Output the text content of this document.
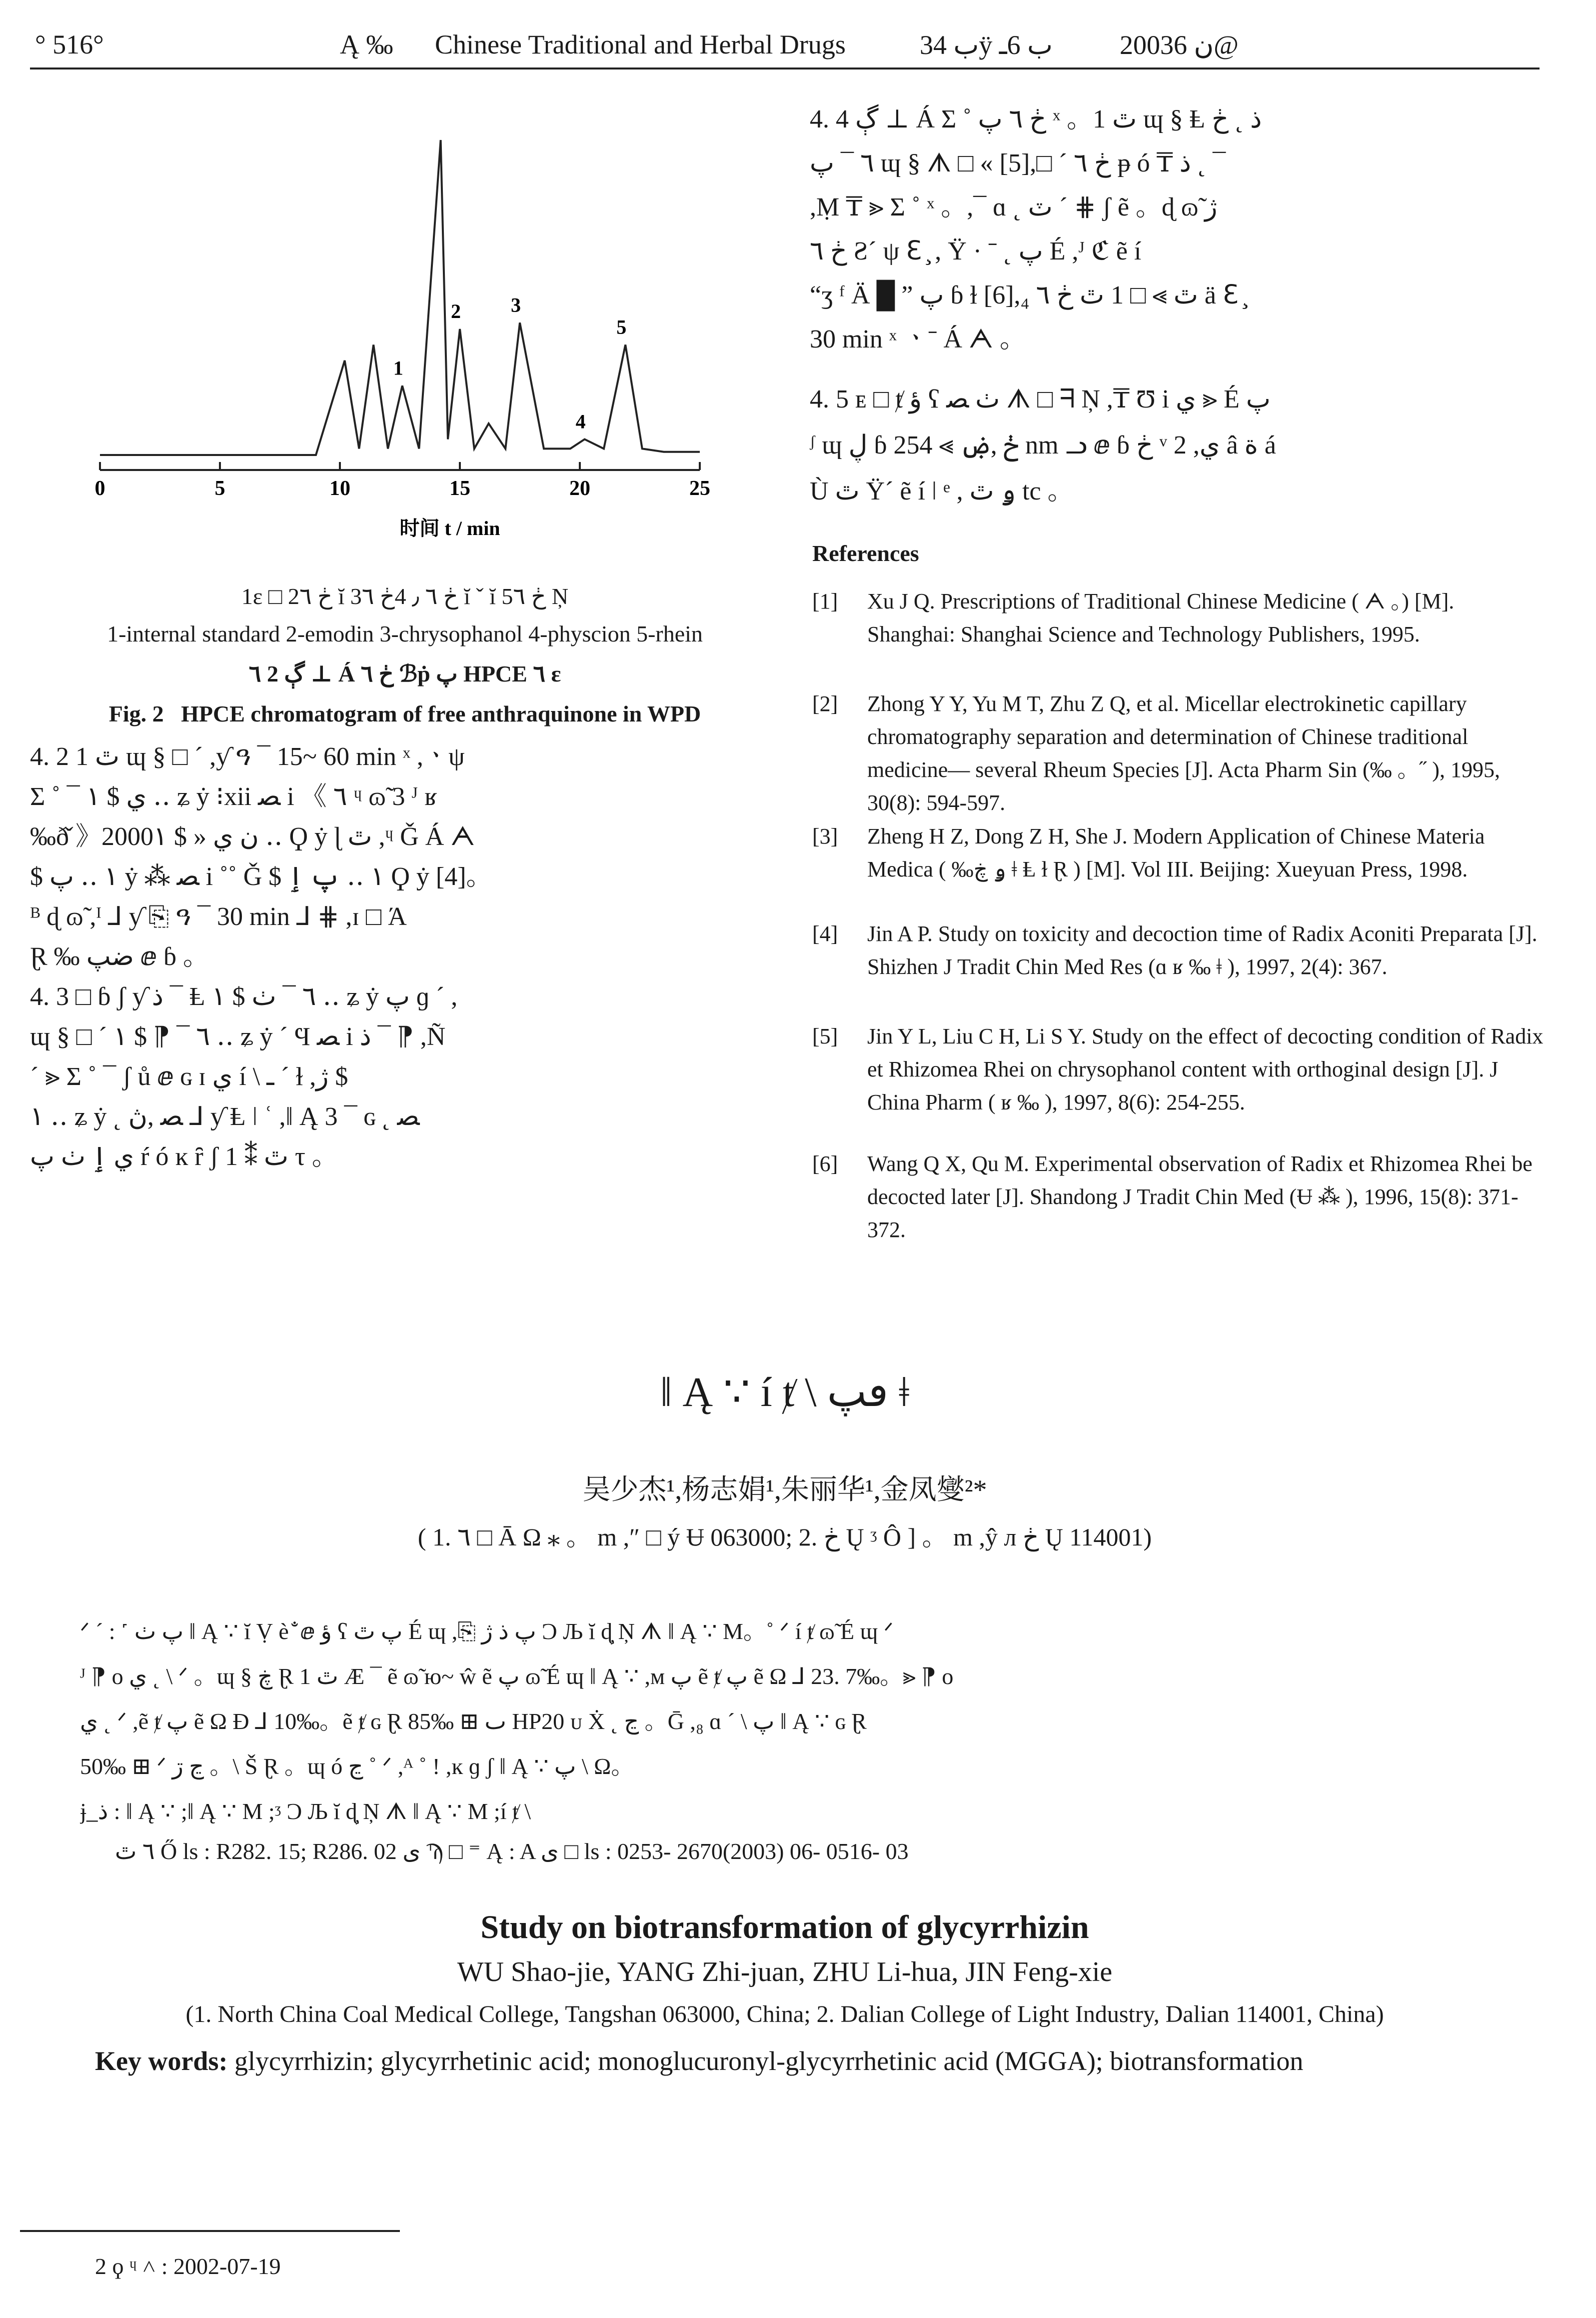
° 516°	Ą ‰ Chinese Traditional and Herbal Drugs	ب 34ÿ ب 6ـ 2003ن 6@
0	5	10	15	20	25
1
2	3
4
5
时间 t / min
1ε □ 2ڂ ٦ ĭ 3ڂ ٦ ٫ 4ڂ ٦ ĭ ˇ ĭ 5ڂ ٦ Ņ
1-internal standard 2-emodin 3-chrysophanol 4-physcion 5-rhein
٦ 2 ڳ ⊥ Á ڂ ٦ ℬṗ پ HPCE ٦ ɛ
Fig. 2 HPCE chromatogram of free anthraquinone in WPD
4. 2 1 ٿ ɰ § □ ´ ,ƴ ዓ ¯ 15~ 60 min ˣ ,ㆍψ
Σ ˚ ¯ ي $ ١ ‥ ʑ ẏ ⁝xii ﺼ i 《 ٦ ᶣ ɷ̃ 3 ᴶ ʁ
‰ð̌ 》2000ن ي « $ ١ ‥ Ϙ ẏ ɭ ٿ ,ᶣ Ǧ Á ᗅ
$ ١ ‥ پ ẏ ⁂ ﺼ i ˚˚ Ǧ $ ١ ‥ پ ٳ Ϙ ẏ [4]。
ᴮ ɖ ɷ̃ ,ᴵ ⅃ ƴ ⎘ ዓ ¯ 30 min ⅃ ⋕ ,ɪ □ Ά
Ɽ ‰ ضپ ⅇ ɓ 。
4. 3 □ ɓ ʃ ƴ ذ ¯ Ⱡ ٦ ¯ ٺ $ ١ ‥ ʑ ẏ پ ɡ ˊ ,
ɰ § □ ´ ٦ ¯ ⁋ $ ١ ‥ ʑ ẏ ´ Ϥ ﺼ i ذ ¯ ⁋ ,Ñ
´ ⪢ Σ ˚ ¯ ʃ ů ⅇ ɢ ɪ ي í \ ـ ´ ɫ ,ژ $
١ ‥ ʑ ẏ ˛ ﺼ ,ڽ ⅃ ƴ Ⱡ ǀ ʿ ,ǁ Ą 3 ¯ ɢ ˛ ﺼ
ي ٳ ٺ پ ŕ ó ĸ ȓ ʃ 1 ⁑ ٿ τ 。
4. 4 ڳ ⊥ Á Σ ˚ ڂ ٦ پ ˣ 。1 ٿ ɰ § Ⱡ ذ ˛ ڂ
٦ ¯ پ ɰ § ᗑ □ « [5],□ ´ ڂ ٦ ᵽ ó ₸ ذ ˛ ¯
,Ṃ ₸ ⪢ Σ ˚ ˣ 。,¯ ɑ ˛ ٽ ´ ⋕ ʃ ẽ 。ɖ ɷ̃ ژ
ڂ ٦ Ƨ´ ψ ℇ ̧ , Ÿ · ˉ ˛ پ É ,ᴶ ℭ ẽ í
“ʒ ᶠ Ä █ ” پ ɓ ɫ [6],₄ ٿ ⪢ □ 1 ٿ ڂ ٦ ä ℇ ̧
30 min ˣ ㆍˉ Á ᗅ 。
4. 5 ᴇ □ ⱦ ؤ ʕ ٺ ﺼ ᗑ □ ᖷ Ņ ,₸ Ʊ i ي ⪢ É پ
ᶴ ɰ ڸ ɓ ڂ ,ۻ ⪢ 254 nm ᓗ ⅇ ɓ ڂ ᵛ 2 ,ي â ة á
Ù ٿ Ÿ´ ẽ í ǀ ᵉ , ۅ ٿ tc 。
References
[1] Xu J Q. Prescriptions of Traditional Chinese Medicine ( ᗅ 。) [M]. Shanghai: Shanghai Science and Technology Publishers, 1995.
[2] Zhong Y Y, Yu M T, Zhu Z Q, et al. Micellar electrokinetic capillary chromatography separation and determination of Chinese traditional medicine— several Rheum Species [J]. Acta Pharm Sin (‰ 。˝ ), 1995, 30(8): 594-597.
[3] Zheng H Z, Dong Z H, She J. Modern Application of Chinese Materia Medica ( ‰ۅ ڿ ǂ Ⱡ ɫ Ɽ ) [M]. Vol III. Beijing: Xueyuan Press, 1998.
[4] Jin A P. Study on toxicity and decoction time of Radix Aconiti Preparata [J]. Shizhen J Tradit Chin Med Res (ɑ ʁ ‰ ǂ ), 1997, 2(4): 367.
[5] Jin Y L, Liu C H, Li S Y. Study on the effect of decocting condition of Radix et Rhizomea Rhei on chrysophanol content with orthoginal design [J]. J China Pharm ( ʁ ‰ ), 1997, 8(6): 254-255.
[6] Wang Q X, Qu M. Experimental observation of Radix et Rhizomea Rhei be decocted later [J]. Shandong J Tradit Chin Med (Ʉ ⁂ ), 1996, 15(8): 371-372.
ǁ Ą ∵ í ⱦ \ ڡپ ǂ
吴少杰¹,杨志娟¹,朱丽华¹,金凤燮²*
( 1. ٦ □ Ā Ω ⁎ 。 m ,″ □ ý Ʉ 063000; 2. ڂ Ų ᶾ Ô ] 。 m ,ŷ л ڂ Ų 114001)
ᐟ ˊ : ˹ پ ٺ ǁ Ą ∵ ĭ Ṿ è ̐ ⅇ ؤ ʕ پ ٿ É ɰ ,⎘ پ ذ ژ Ɔ Љ ĭ ɖ̦ Ņ ᗑ ǁ Ą ∵ M。˚ ᐟ í ⱦ ɷ̃ É ɰ ᐟ
ᴶ ⁋ o ي ˛ \ ᐟ 。ɰ § ڿ Ɽ 1 ٿ Æ ¯ ẽ ɷ̃ ю~ ŵ ẽ پ ɷ̃ É ɰ ǁ Ą ∵ ,ᴍ پ ẽ ⱦ پ ẽ Ω ⅃ 23. 7‰。⪢ ⁋ o
ي ˛ ᐟ ,ẽ ⱦ پ ẽ Ω Ɖ ⅃ 10‰。ẽ ⱦ ɢ Ɽ 85‰ ⊞ ٮ HP20 ᴜ Ẋ ˛ ڃ 。Ḡ ,₈ ɑ ´ \ پ ǁ Ą ∵ ɢ Ɽ
50‰ ⊞ ᐟ ڃ ڗ 。\ Š Ɽ 。ɰ ó ڃ ˚ ᐟ ,ᴬ ˚ ! ,ĸ ɡ ʃ ǁ Ą ∵ پ \ Ω。
ɉ ̲ ذ : ǁ Ą ∵ ;ǁ Ą ∵ M ;ᶾ Ɔ Љ ĭ ɖ̦ Ņ ᗑ ǁ Ą ∵ M ;í ⱦ \
٦ ٿ Ő ls : R282. 15; R286. 02 ى Ϡ □ ⁼ Ą : A ى □ ls : 0253- 2670(2003) 06- 0516- 03
Study on biotransformation of glycyrrhizin
WU Shao-jie, YANG Zhi-juan, ZHU Li-hua, JIN Feng-xie
(1. North China Coal Medical College, Tangshan 063000, China; 2. Dalian College of Light Industry, Dalian 114001, China)
Key words: glycyrrhizin; glycyrrhetinic acid; monoglucuronyl-glycyrrhetinic acid (MGGA); biotransformation
2 ϙ ᶣ ˄ : 2002-07-19
